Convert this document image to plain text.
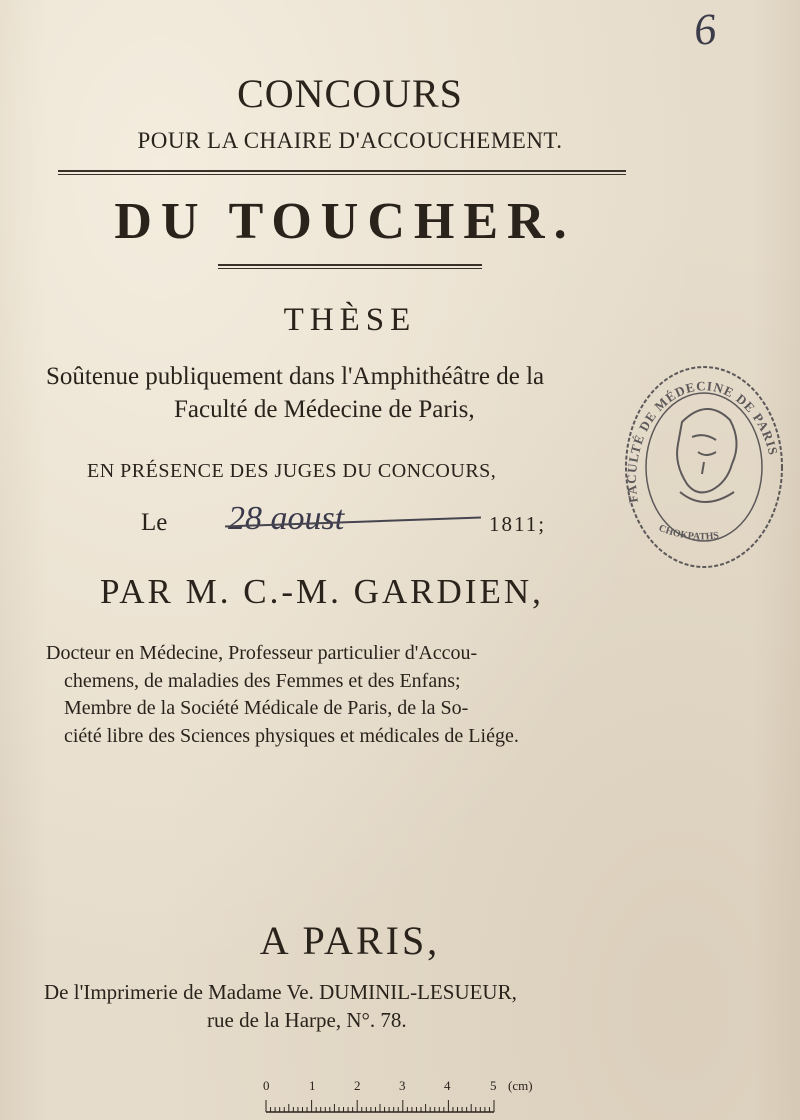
6
CONCOURS
POUR LA CHAIRE D'ACCOUCHEMENT.
DU TOUCHER.
THÈSE
Soûtenue publiquement dans l'Amphithéâtre de la
Faculté de Médecine de Paris,
EN PRÉSENCE DES JUGES DU CONCOURS,
Le 28 aoust	1811;
PAR M. C.-M. GARDIEN,
Docteur en Médecine, Professeur particulier d'Accou-
chemens, de maladies des Femmes et des Enfans;
Membre de la Société Médicale de Paris, de la So-
ciété libre des Sciences physiques et médicales de Liége.
FACULTÉ DE MÉDECINE DE PARIS
CHOKPATHS
A PARIS,
De l'Imprimerie de Madame Ve. DUMINIL-LESUEUR,
rue de la Harpe, N°. 78.
0	1	2	3	4	5 (cm)
